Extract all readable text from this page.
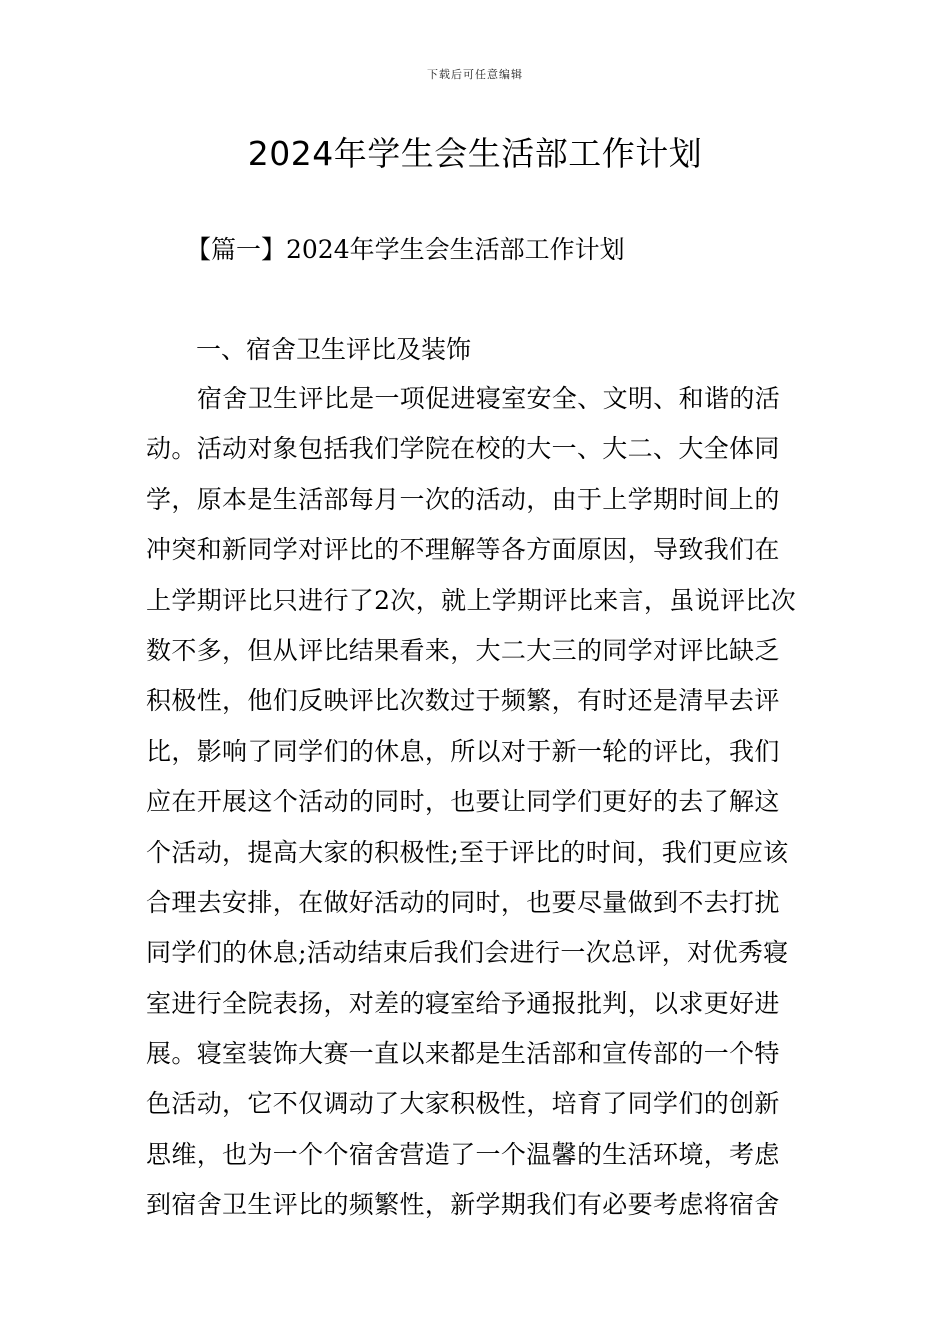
下载后可任意编辑
2024年学生会生活部工作计划
【篇一】2024年学生会生活部工作计划
一、宿舍卫生评比及装饰
宿舍卫生评比是一项促进寝室安全、文明、和谐的活
动。活动对象包括我们学院在校的大一、大二、大全体同
学，原本是生活部每月一次的活动，由于上学期时间上的
冲突和新同学对评比的不理解等各方面原因，导致我们在
上学期评比只进行了2次，就上学期评比来言，虽说评比次
数不多，但从评比结果看来，大二大三的同学对评比缺乏
积极性，他们反映评比次数过于频繁，有时还是清早去评
比，影响了同学们的休息，所以对于新一轮的评比，我们
应在开展这个活动的同时，也要让同学们更好的去了解这
个活动，提高大家的积极性;至于评比的时间，我们更应该
合理去安排，在做好活动的同时，也要尽量做到不去打扰
同学们的休息;活动结束后我们会进行一次总评，对优秀寝
室进行全院表扬，对差的寝室给予通报批判，以求更好进
展。寝室装饰大赛一直以来都是生活部和宣传部的一个特
色活动，它不仅调动了大家积极性，培育了同学们的创新
思维，也为一个个宿舍营造了一个温馨的生活环境，考虑
到宿舍卫生评比的频繁性，新学期我们有必要考虑将宿舍
